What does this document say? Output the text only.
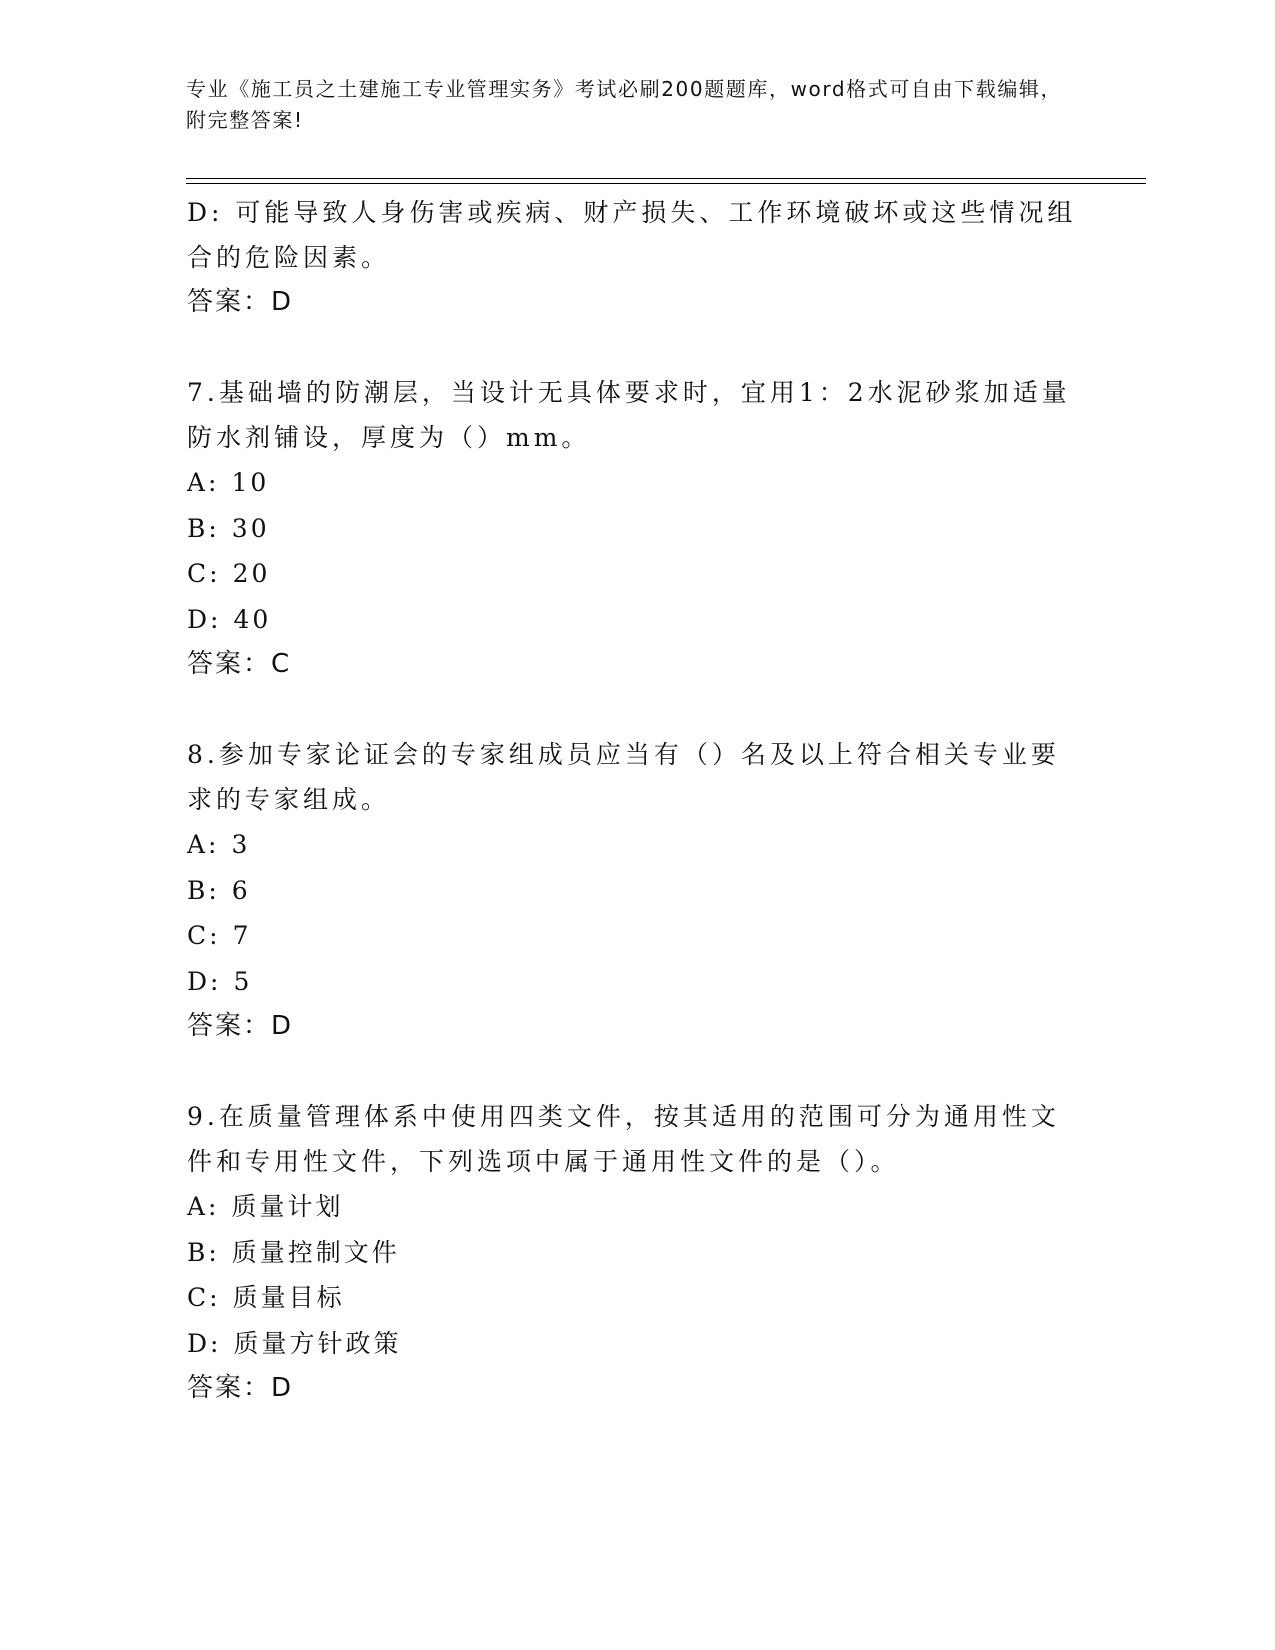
专业《施工员之土建施工专业管理实务》考试必刷200题题库，word格式可自由下载编辑，附完整答案!

D: 可能导致人身伤害或疾病、财产损失、工作环境破坏或这些情况组合的危险因素。

答案：D

7.基础墙的防潮层，当设计无具体要求时，宜用1：2水泥砂浆加适量防水剂铺设，厚度为（）mm。

A: 10

B: 30

C: 20

D: 40

答案：C

8.参加专家论证会的专家组成员应当有（）名及以上符合相关专业要求的专家组成。

A: 3

B: 6

C: 7

D: 5

答案：D

9.在质量管理体系中使用四类文件，按其适用的范围可分为通用性文件和专用性文件，下列选项中属于通用性文件的是（）。

A: 质量计划

B: 质量控制文件

C: 质量目标

D: 质量方针政策

答案：D
